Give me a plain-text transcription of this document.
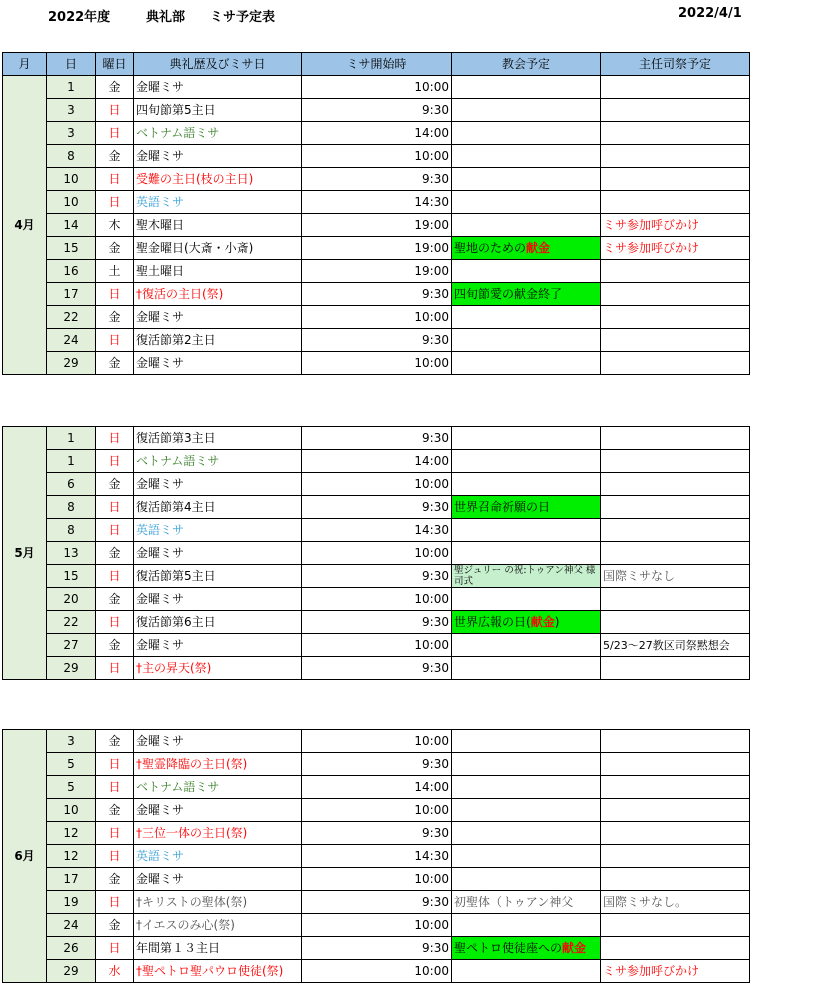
2022年度	典礼部 ミサ予定表	2022/4/1
月	日	曜日	典礼歴及びミサ日	ミサ開始時	教会予定	主任司祭予定
4月	1	金	金曜ミサ	10:00		
	3	日	四旬節第5主日	9:30		
	3	日	ベトナム語ミサ	14:00		
	8	金	金曜ミサ	10:00		
	10	日	受難の主日(枝の主日)	9:30		
	10	日	英語ミサ	14:30		
	14	木	聖木曜日	19:00		ミサ参加呼びかけ
	15	金	聖金曜日(大斎・小斎)	19:00	聖地のための献金	ミサ参加呼びかけ
	16	土	聖土曜日	19:00		
	17	日	†復活の主日(祭)	9:30	四旬節愛の献金終了	
	22	金	金曜ミサ	10:00		
	24	日	復活節第2主日	9:30		
	29	金	金曜ミサ	10:00		
5月	1	日	復活節第3主日	9:30		
	1	日	ベトナム語ミサ	14:00		
	6	金	金曜ミサ	10:00		
	8	日	復活節第4主日	9:30	世界召命祈願の日	
	8	日	英語ミサ	14:30		
	13	金	金曜ミサ	10:00		
	15	日	復活節第5主日	9:30	聖ジュリー の祝:トゥアン神父 様司式	国際ミサなし
	20	金	金曜ミサ	10:00		
	22	日	復活節第6主日	9:30	世界広報の日(献金)	
	27	金	金曜ミサ	10:00		5/23～27教区司祭黙想会
	29	日	†主の昇天(祭)	9:30		
6月	3	金	金曜ミサ	10:00		
	5	日	†聖霊降臨の主日(祭)	9:30		
	5	日	ベトナム語ミサ	14:00		
	10	金	金曜ミサ	10:00		
	12	日	†三位一体の主日(祭)	9:30		
	12	日	英語ミサ	14:30		
	17	金	金曜ミサ	10:00		
	19	日	†キリストの聖体(祭)	9:30	初聖体（トゥアン神父	国際ミサなし。
	24	金	†イエスのみ心(祭)	10:00		
	26	日	年間第１３主日	9:30	聖ペトロ使徒座への献金	
	29	水	†聖ペトロ聖パウロ使徒(祭)	10:00		ミサ参加呼びかけ
